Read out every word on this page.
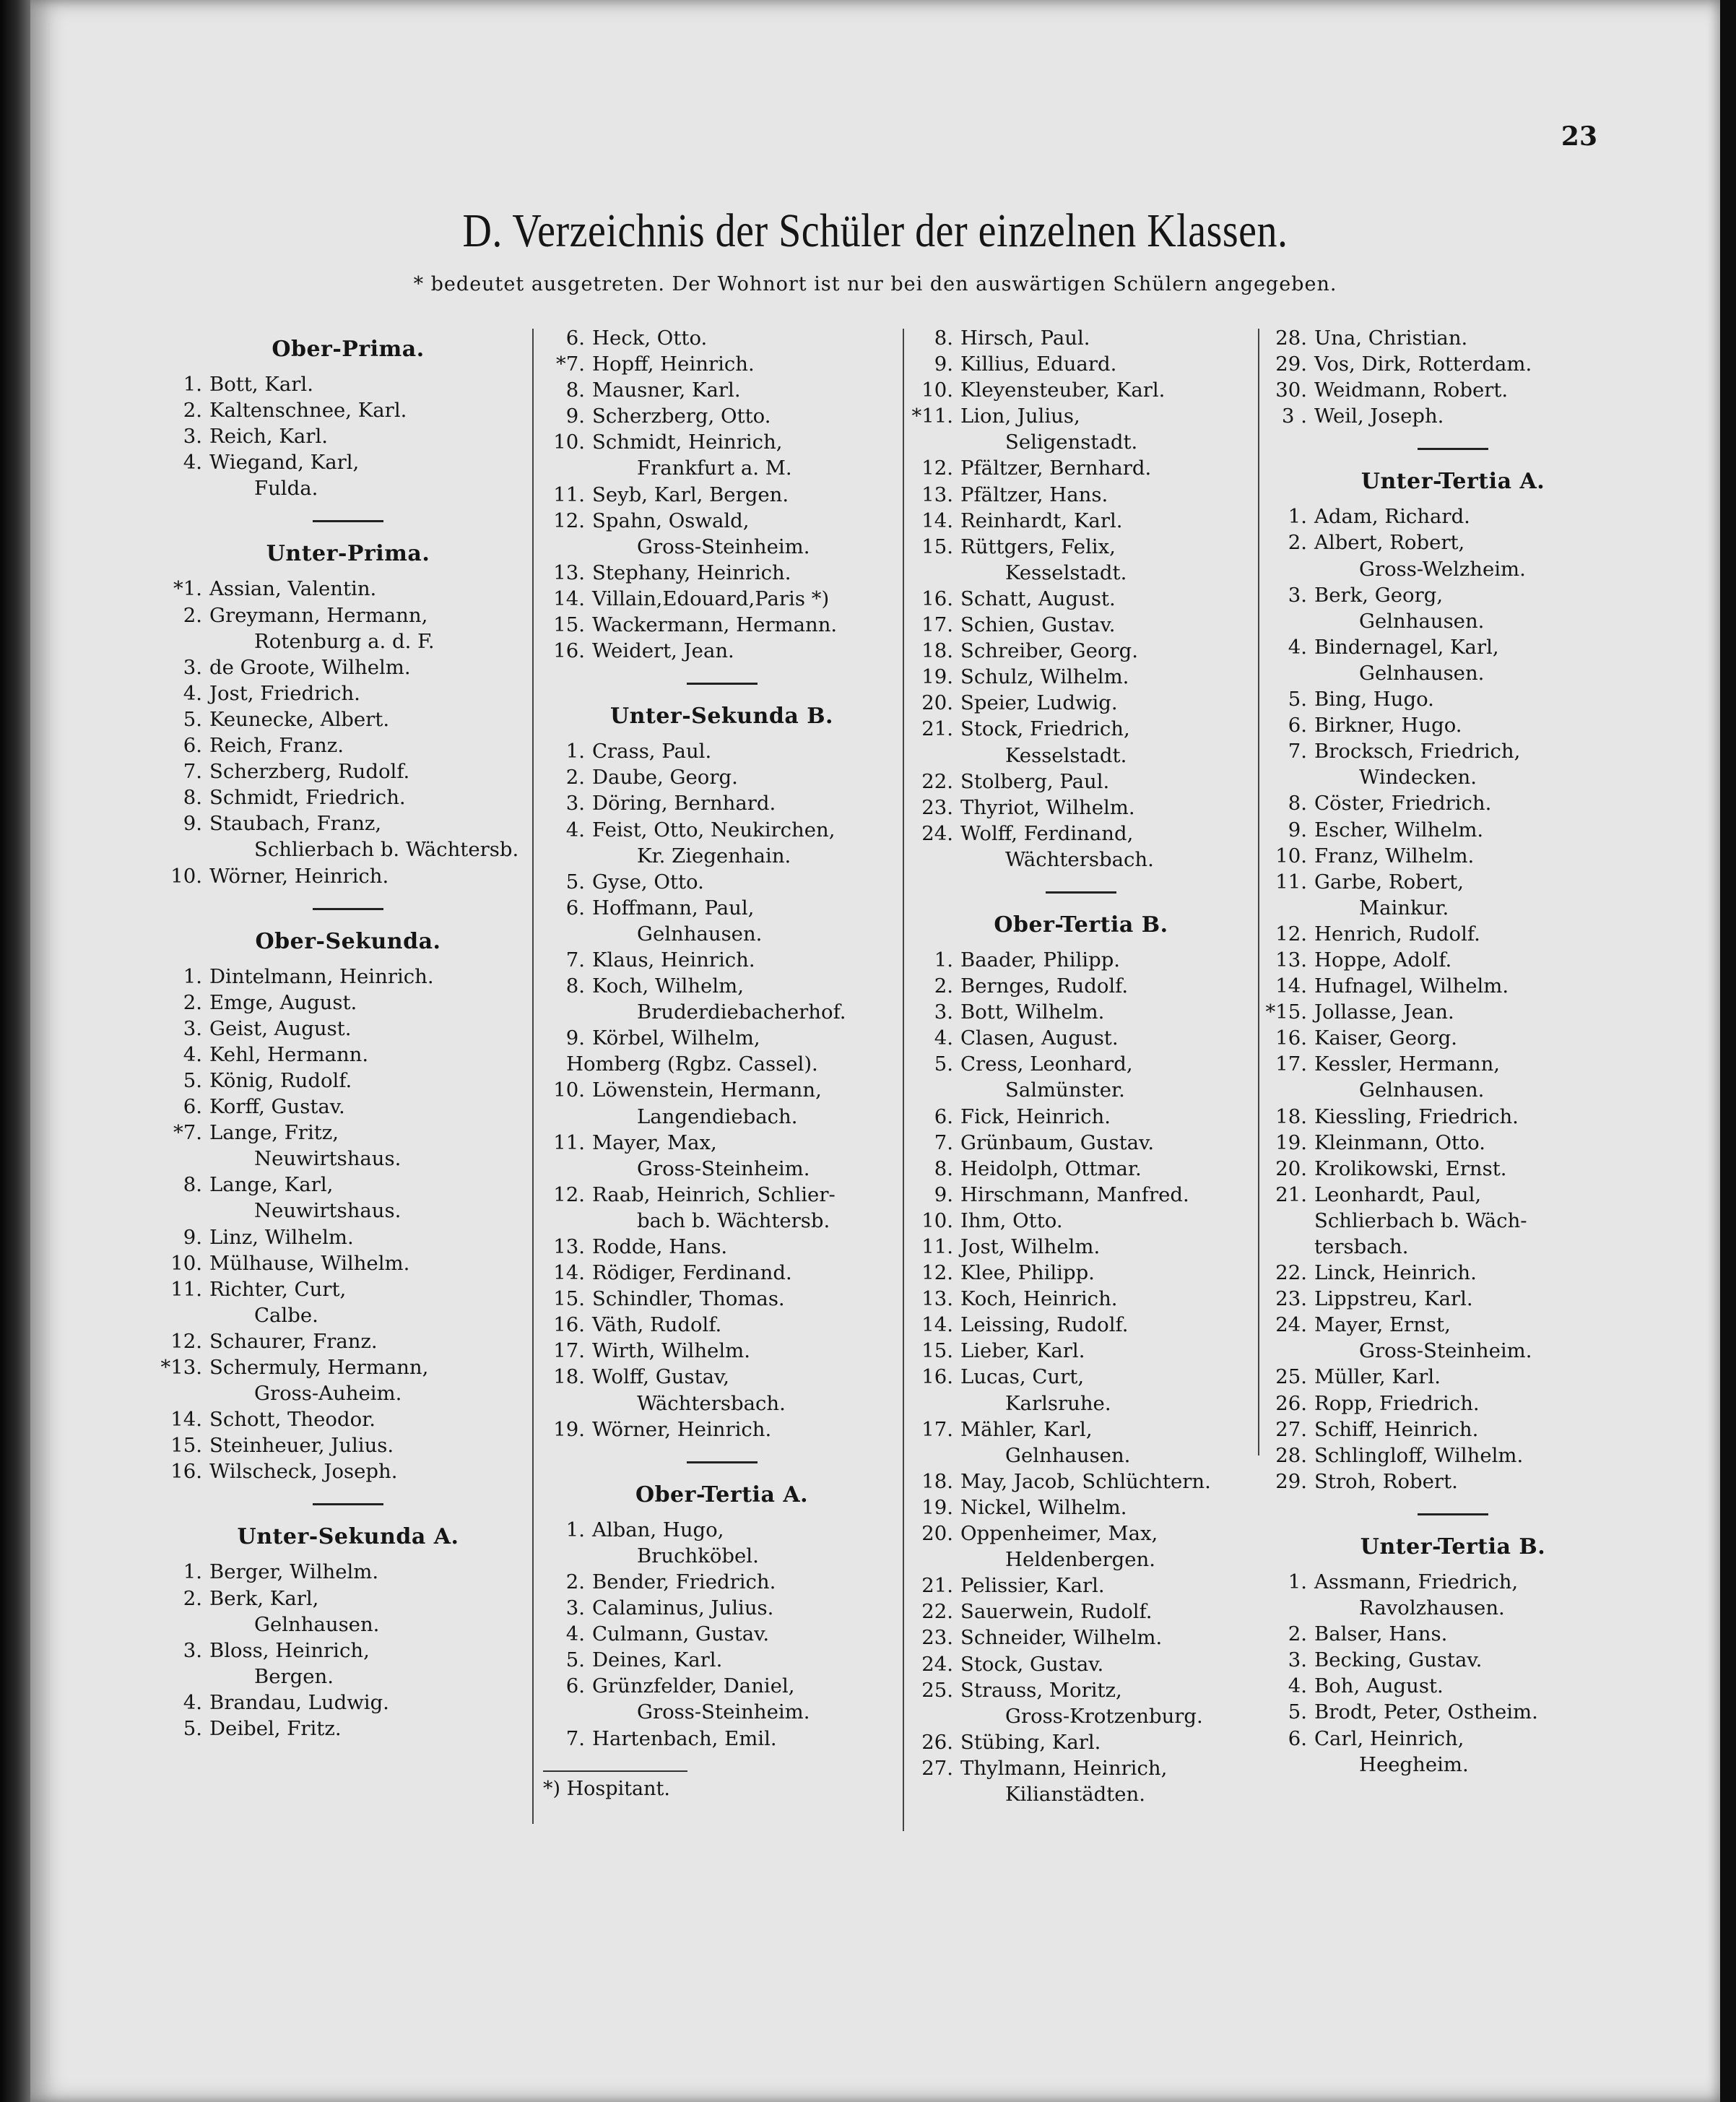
23
D. Verzeichnis der Schüler der einzelnen Klassen.
* bedeutet ausgetreten. Der Wohnort ist nur bei den auswärtigen Schülern angegeben.
Ober-Prima.
1. Bott, Karl.
2. Kaltenschnee, Karl.
3. Reich, Karl.
4. Wiegand, Karl,
Fulda.
Unter-Prima.
*1. Assian, Valentin.
2. Greymann, Hermann,
Rotenburg a. d. F.
3. de Groote, Wilhelm.
4. Jost, Friedrich.
5. Keunecke, Albert.
6. Reich, Franz.
7. Scherzberg, Rudolf.
8. Schmidt, Friedrich.
9. Staubach, Franz,
Schlierbach b. Wächtersb.
10. Wörner, Heinrich.
Ober-Sekunda.
1. Dintelmann, Heinrich.
2. Emge, August.
3. Geist, August.
4. Kehl, Hermann.
5. König, Rudolf.
6. Korff, Gustav.
*7. Lange, Fritz,
Neuwirtshaus.
8. Lange, Karl,
Neuwirtshaus.
9. Linz, Wilhelm.
10. Mülhause, Wilhelm.
11. Richter, Curt,
Calbe.
12. Schaurer, Franz.
*13. Schermuly, Hermann,
Gross-Auheim.
14. Schott, Theodor.
15. Steinheuer, Julius.
16. Wilscheck, Joseph.
Unter-Sekunda A.
1. Berger, Wilhelm.
2. Berk, Karl,
Gelnhausen.
3. Bloss, Heinrich,
Bergen.
4. Brandau, Ludwig.
5. Deibel, Fritz.
6. Heck, Otto.
*7. Hopff, Heinrich.
8. Mausner, Karl.
9. Scherzberg, Otto.
10. Schmidt, Heinrich,
Frankfurt a. M.
11. Seyb, Karl, Bergen.
12. Spahn, Oswald,
Gross-Steinheim.
13. Stephany, Heinrich.
14. Villain,Edouard,Paris *)
15. Wackermann, Hermann.
16. Weidert, Jean.
Unter-Sekunda B.
1. Crass, Paul.
2. Daube, Georg.
3. Döring, Bernhard.
4. Feist, Otto, Neukirchen,
Kr. Ziegenhain.
5. Gyse, Otto.
6. Hoffmann, Paul,
Gelnhausen.
7. Klaus, Heinrich.
8. Koch, Wilhelm,
Bruderdiebacherhof.
9. Körbel, Wilhelm,
Homberg (Rgbz. Cassel).
10. Löwenstein, Hermann,
Langendiebach.
11. Mayer, Max,
Gross-Steinheim.
12. Raab, Heinrich, Schlier-
bach b. Wächtersb.
13. Rodde, Hans.
14. Rödiger, Ferdinand.
15. Schindler, Thomas.
16. Väth, Rudolf.
17. Wirth, Wilhelm.
18. Wolff, Gustav,
Wächtersbach.
19. Wörner, Heinrich.
Ober-Tertia A.
1. Alban, Hugo,
Bruchköbel.
2. Bender, Friedrich.
3. Calaminus, Julius.
4. Culmann, Gustav.
5. Deines, Karl.
6. Grünzfelder, Daniel,
Gross-Steinheim.
7. Hartenbach, Emil.
*) Hospitant.
8. Hirsch, Paul.
9. Killius, Eduard.
10. Kleyensteuber, Karl.
*11. Lion, Julius,
Seligenstadt.
12. Pfältzer, Bernhard.
13. Pfältzer, Hans.
14. Reinhardt, Karl.
15. Rüttgers, Felix,
Kesselstadt.
16. Schatt, August.
17. Schien, Gustav.
18. Schreiber, Georg.
19. Schulz, Wilhelm.
20. Speier, Ludwig.
21. Stock, Friedrich,
Kesselstadt.
22. Stolberg, Paul.
23. Thyriot, Wilhelm.
24. Wolff, Ferdinand,
Wächtersbach.
Ober-Tertia B.
1. Baader, Philipp.
2. Bernges, Rudolf.
3. Bott, Wilhelm.
4. Clasen, August.
5. Cress, Leonhard,
Salmünster.
6. Fick, Heinrich.
7. Grünbaum, Gustav.
8. Heidolph, Ottmar.
9. Hirschmann, Manfred.
10. Ihm, Otto.
11. Jost, Wilhelm.
12. Klee, Philipp.
13. Koch, Heinrich.
14. Leissing, Rudolf.
15. Lieber, Karl.
16. Lucas, Curt,
Karlsruhe.
17. Mähler, Karl,
Gelnhausen.
18. May, Jacob, Schlüchtern.
19. Nickel, Wilhelm.
20. Oppenheimer, Max,
Heldenbergen.
21. Pelissier, Karl.
22. Sauerwein, Rudolf.
23. Schneider, Wilhelm.
24. Stock, Gustav.
25. Strauss, Moritz,
Gross-Krotzenburg.
26. Stübing, Karl.
27. Thylmann, Heinrich,
Kilianstädten.
28. Una, Christian.
29. Vos, Dirk, Rotterdam.
30. Weidmann, Robert.
3 . Weil, Joseph.
Unter-Tertia A.
1. Adam, Richard.
2. Albert, Robert,
Gross-Welzheim.
3. Berk, Georg,
Gelnhausen.
4. Bindernagel, Karl,
Gelnhausen.
5. Bing, Hugo.
6. Birkner, Hugo.
7. Brocksch, Friedrich,
Windecken.
8. Cöster, Friedrich.
9. Escher, Wilhelm.
10. Franz, Wilhelm.
11. Garbe, Robert,
Mainkur.
12. Henrich, Rudolf.
13. Hoppe, Adolf.
14. Hufnagel, Wilhelm.
*15. Jollasse, Jean.
16. Kaiser, Georg.
17. Kessler, Hermann,
Gelnhausen.
18. Kiessling, Friedrich.
19. Kleinmann, Otto.
20. Krolikowski, Ernst.
21. Leonhardt, Paul,
Schlierbach b. Wäch-
tersbach.
22. Linck, Heinrich.
23. Lippstreu, Karl.
24. Mayer, Ernst,
Gross-Steinheim.
25. Müller, Karl.
26. Ropp, Friedrich.
27. Schiff, Heinrich.
28. Schlingloff, Wilhelm.
29. Stroh, Robert.
Unter-Tertia B.
1. Assmann, Friedrich,
Ravolzhausen.
2. Balser, Hans.
3. Becking, Gustav.
4. Boh, August.
5. Brodt, Peter, Ostheim.
6. Carl, Heinrich,
Heegheim.
